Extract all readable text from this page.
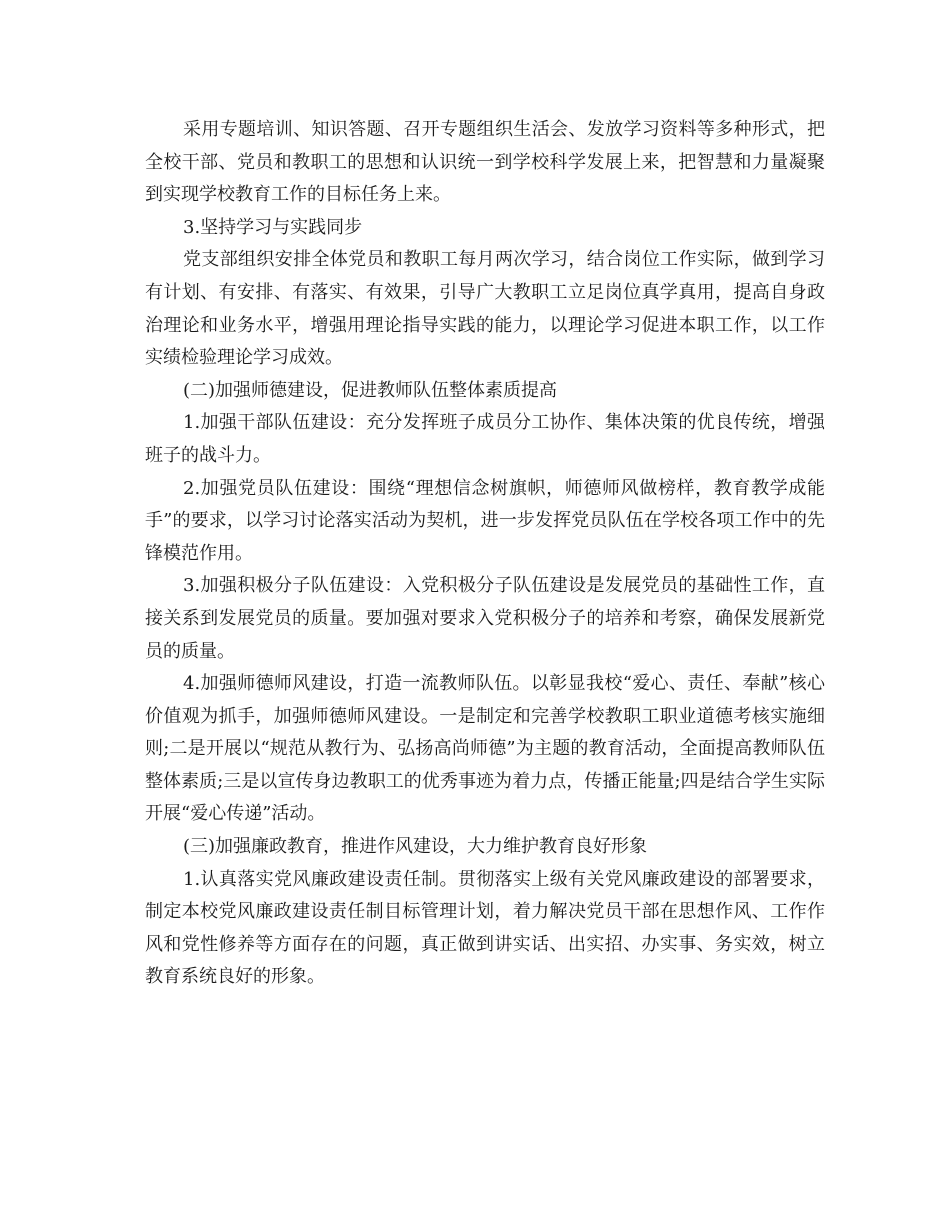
采用专题培训、知识答题、召开专题组织生活会、发放学习资料等多种形式，把全校干部、党员和教职工的思想和认识统一到学校科学发展上来，把智慧和力量凝聚到实现学校教育工作的目标任务上来。

3.坚持学习与实践同步

党支部组织安排全体党员和教职工每月两次学习，结合岗位工作实际，做到学习有计划、有安排、有落实、有效果，引导广大教职工立足岗位真学真用，提高自身政治理论和业务水平，增强用理论指导实践的能力，以理论学习促进本职工作，以工作实绩检验理论学习成效。

(二)加强师德建设，促进教师队伍整体素质提高

1.加强干部队伍建设：充分发挥班子成员分工协作、集体决策的优良传统，增强班子的战斗力。

2.加强党员队伍建设：围绕“理想信念树旗帜，师德师风做榜样，教育教学成能手”的要求，以学习讨论落实活动为契机，进一步发挥党员队伍在学校各项工作中的先锋模范作用。

3.加强积极分子队伍建设：入党积极分子队伍建设是发展党员的基础性工作，直接关系到发展党员的质量。要加强对要求入党积极分子的培养和考察，确保发展新党员的质量。

4.加强师德师风建设，打造一流教师队伍。以彰显我校“爱心、责任、奉献”核心价值观为抓手，加强师德师风建设。一是制定和完善学校教职工职业道德考核实施细则;二是开展以“规范从教行为、弘扬高尚师德”为主题的教育活动，全面提高教师队伍整体素质;三是以宣传身边教职工的优秀事迹为着力点，传播正能量;四是结合学生实际开展“爱心传递”活动。

(三)加强廉政教育，推进作风建设，大力维护教育良好形象

1.认真落实党风廉政建设责任制。贯彻落实上级有关党风廉政建设的部署要求，制定本校党风廉政建设责任制目标管理计划，着力解决党员干部在思想作风、工作作风和党性修养等方面存在的问题，真正做到讲实话、出实招、办实事、务实效，树立教育系统良好的形象。
